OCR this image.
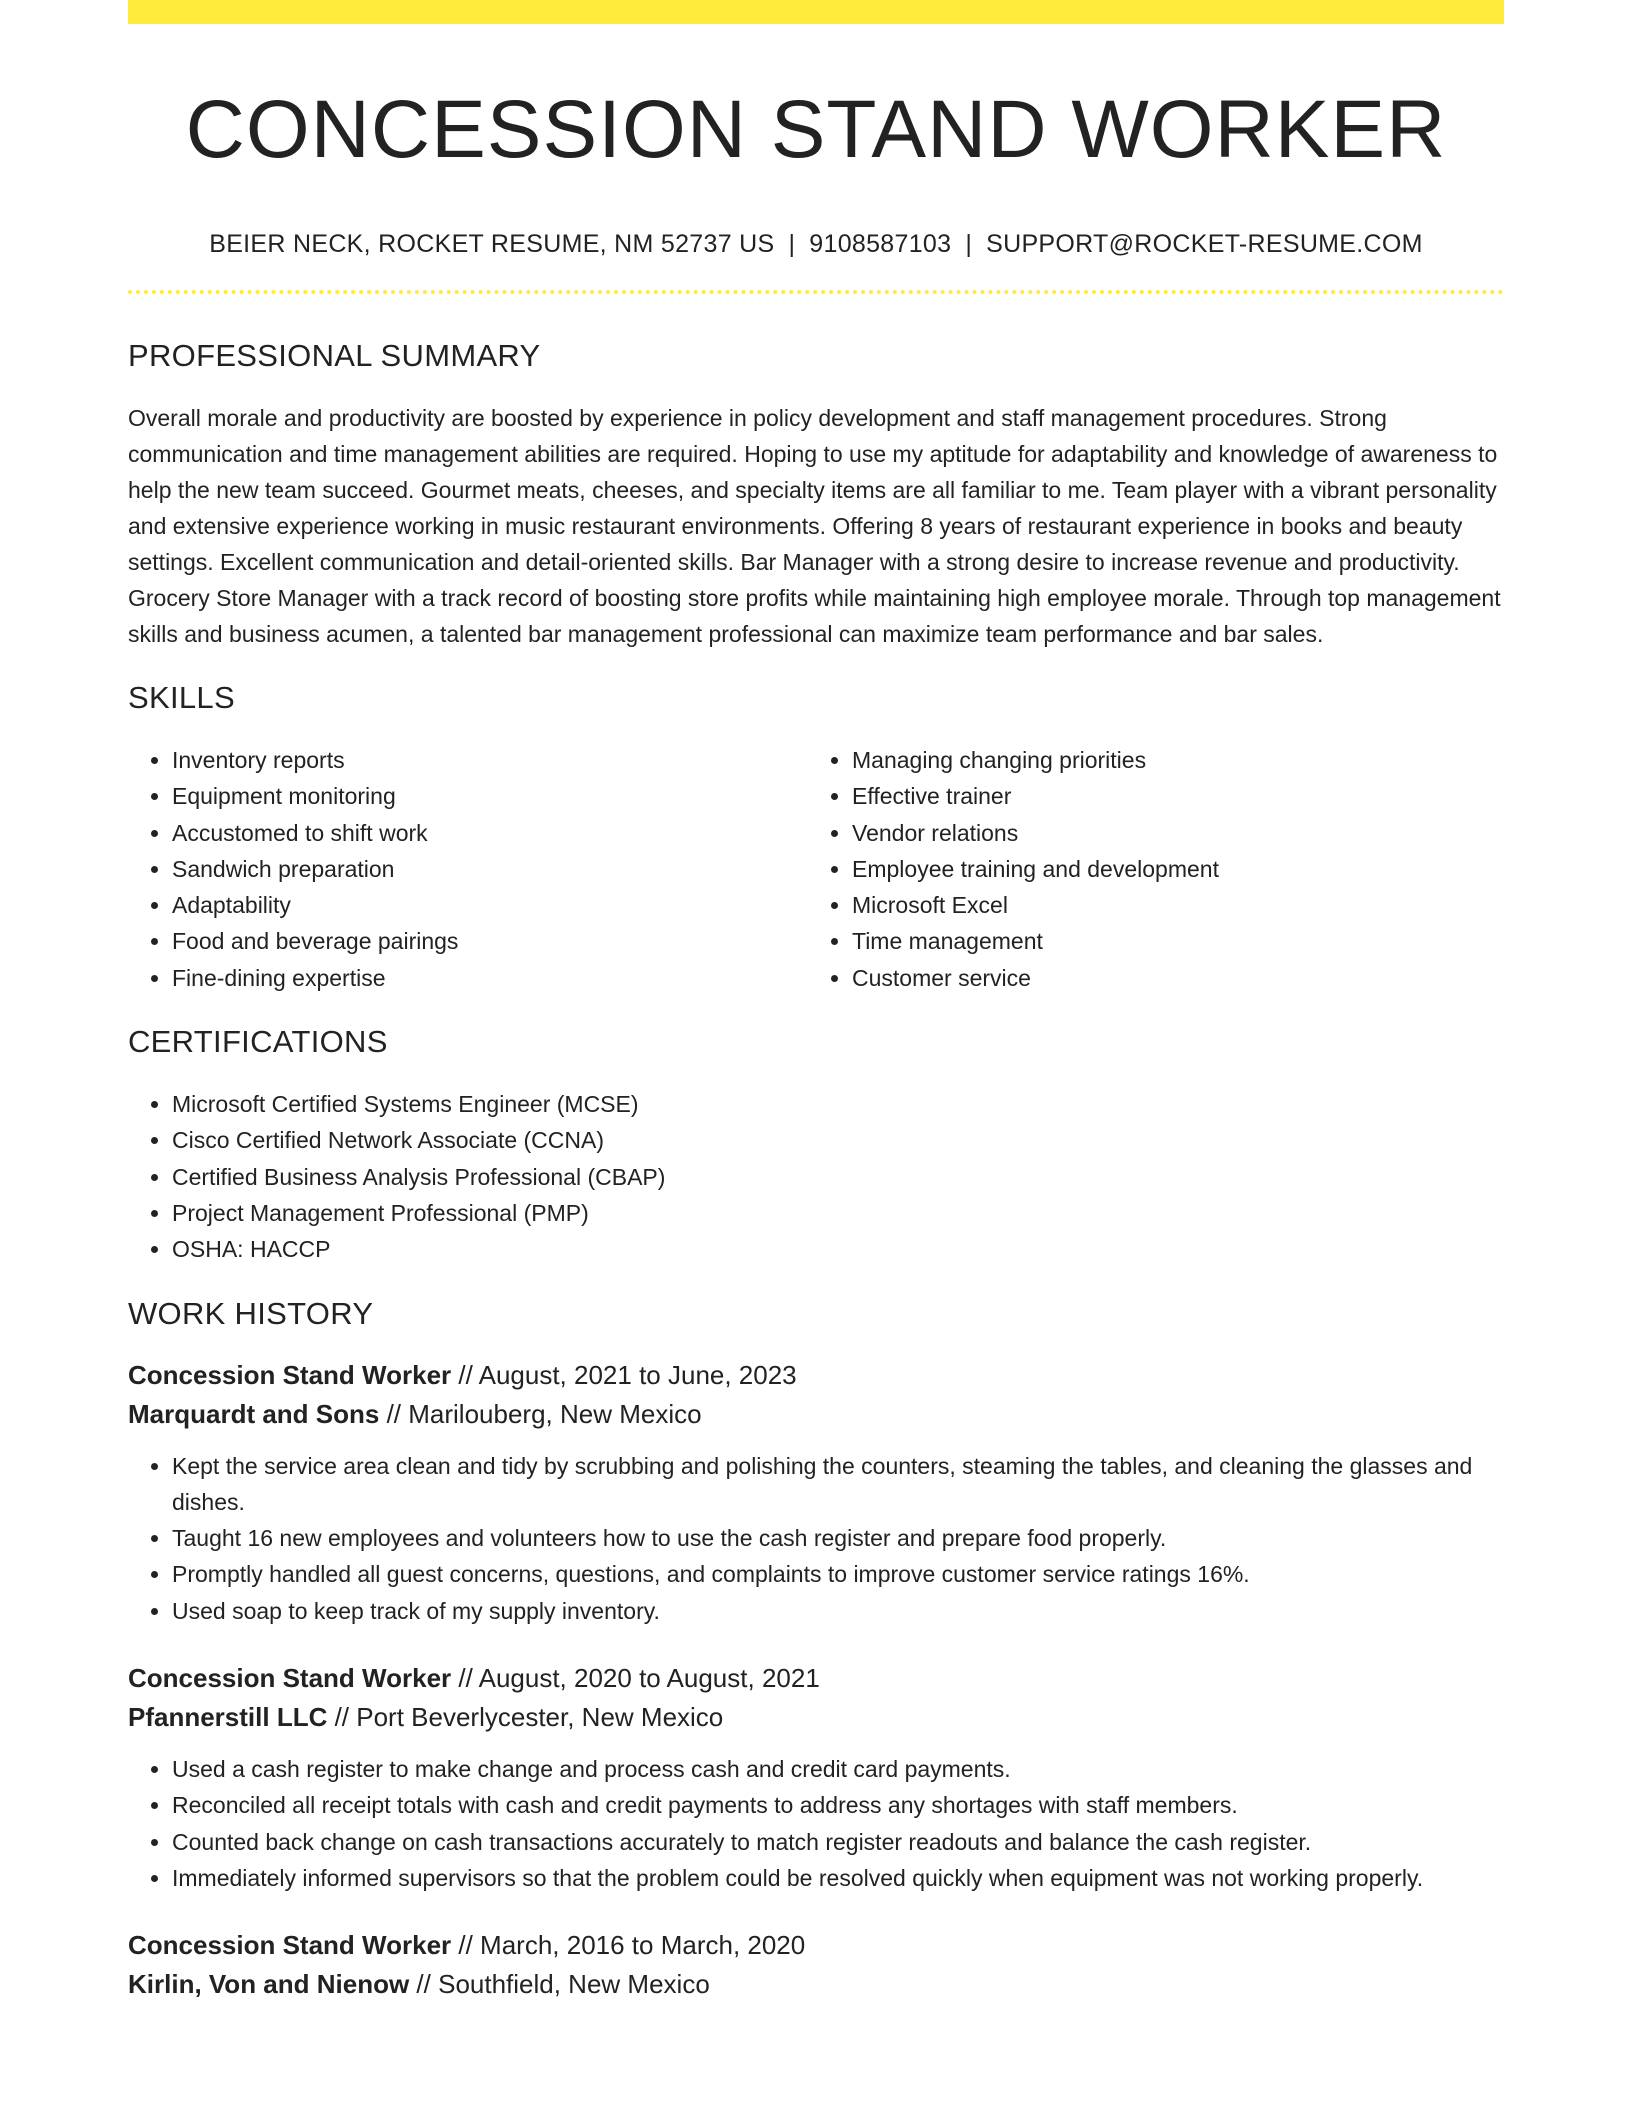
CONCESSION STAND WORKER
BEIER NECK, ROCKET RESUME, NM 52737 US | 9108587103 | SUPPORT@ROCKET-RESUME.COM
PROFESSIONAL SUMMARY

Overall morale and productivity are boosted by experience in policy development and staff management procedures. Strong communication and time management abilities are required. Hoping to use my aptitude for adaptability and knowledge of awareness to help the new team succeed. Gourmet meats, cheeses, and specialty items are all familiar to me. Team player with a vibrant personality and extensive experience working in music restaurant environments. Offering 8 years of restaurant experience in books and beauty settings. Excellent communication and detail-oriented skills. Bar Manager with a strong desire to increase revenue and productivity. Grocery Store Manager with a track record of boosting store profits while maintaining high employee morale. Through top management skills and business acumen, a talented bar management professional can maximize team performance and bar sales.

SKILLS
• Inventory reports
• Equipment monitoring
• Accustomed to shift work
• Sandwich preparation
• Adaptability
• Food and beverage pairings
• Fine-dining expertise
• Managing changing priorities
• Effective trainer
• Vendor relations
• Employee training and development
• Microsoft Excel
• Time management
• Customer service
CERTIFICATIONS
• Microsoft Certified Systems Engineer (MCSE)
• Cisco Certified Network Associate (CCNA)
• Certified Business Analysis Professional (CBAP)
• Project Management Professional (PMP)
• OSHA: HACCP
WORK HISTORY
Concession Stand Worker // August, 2021 to June, 2023
Marquardt and Sons // Marilouberg, New Mexico
• Kept the service area clean and tidy by scrubbing and polishing the counters, steaming the tables, and cleaning the glasses and dishes.
• Taught 16 new employees and volunteers how to use the cash register and prepare food properly.
• Promptly handled all guest concerns, questions, and complaints to improve customer service ratings 16%.
• Used soap to keep track of my supply inventory.
Concession Stand Worker // August, 2020 to August, 2021
Pfannerstill LLC // Port Beverlycester, New Mexico
• Used a cash register to make change and process cash and credit card payments.
• Reconciled all receipt totals with cash and credit payments to address any shortages with staff members.
• Counted back change on cash transactions accurately to match register readouts and balance the cash register.
• Immediately informed supervisors so that the problem could be resolved quickly when equipment was not working properly.
Concession Stand Worker // March, 2016 to March, 2020
Kirlin, Von and Nienow // Southfield, New Mexico
